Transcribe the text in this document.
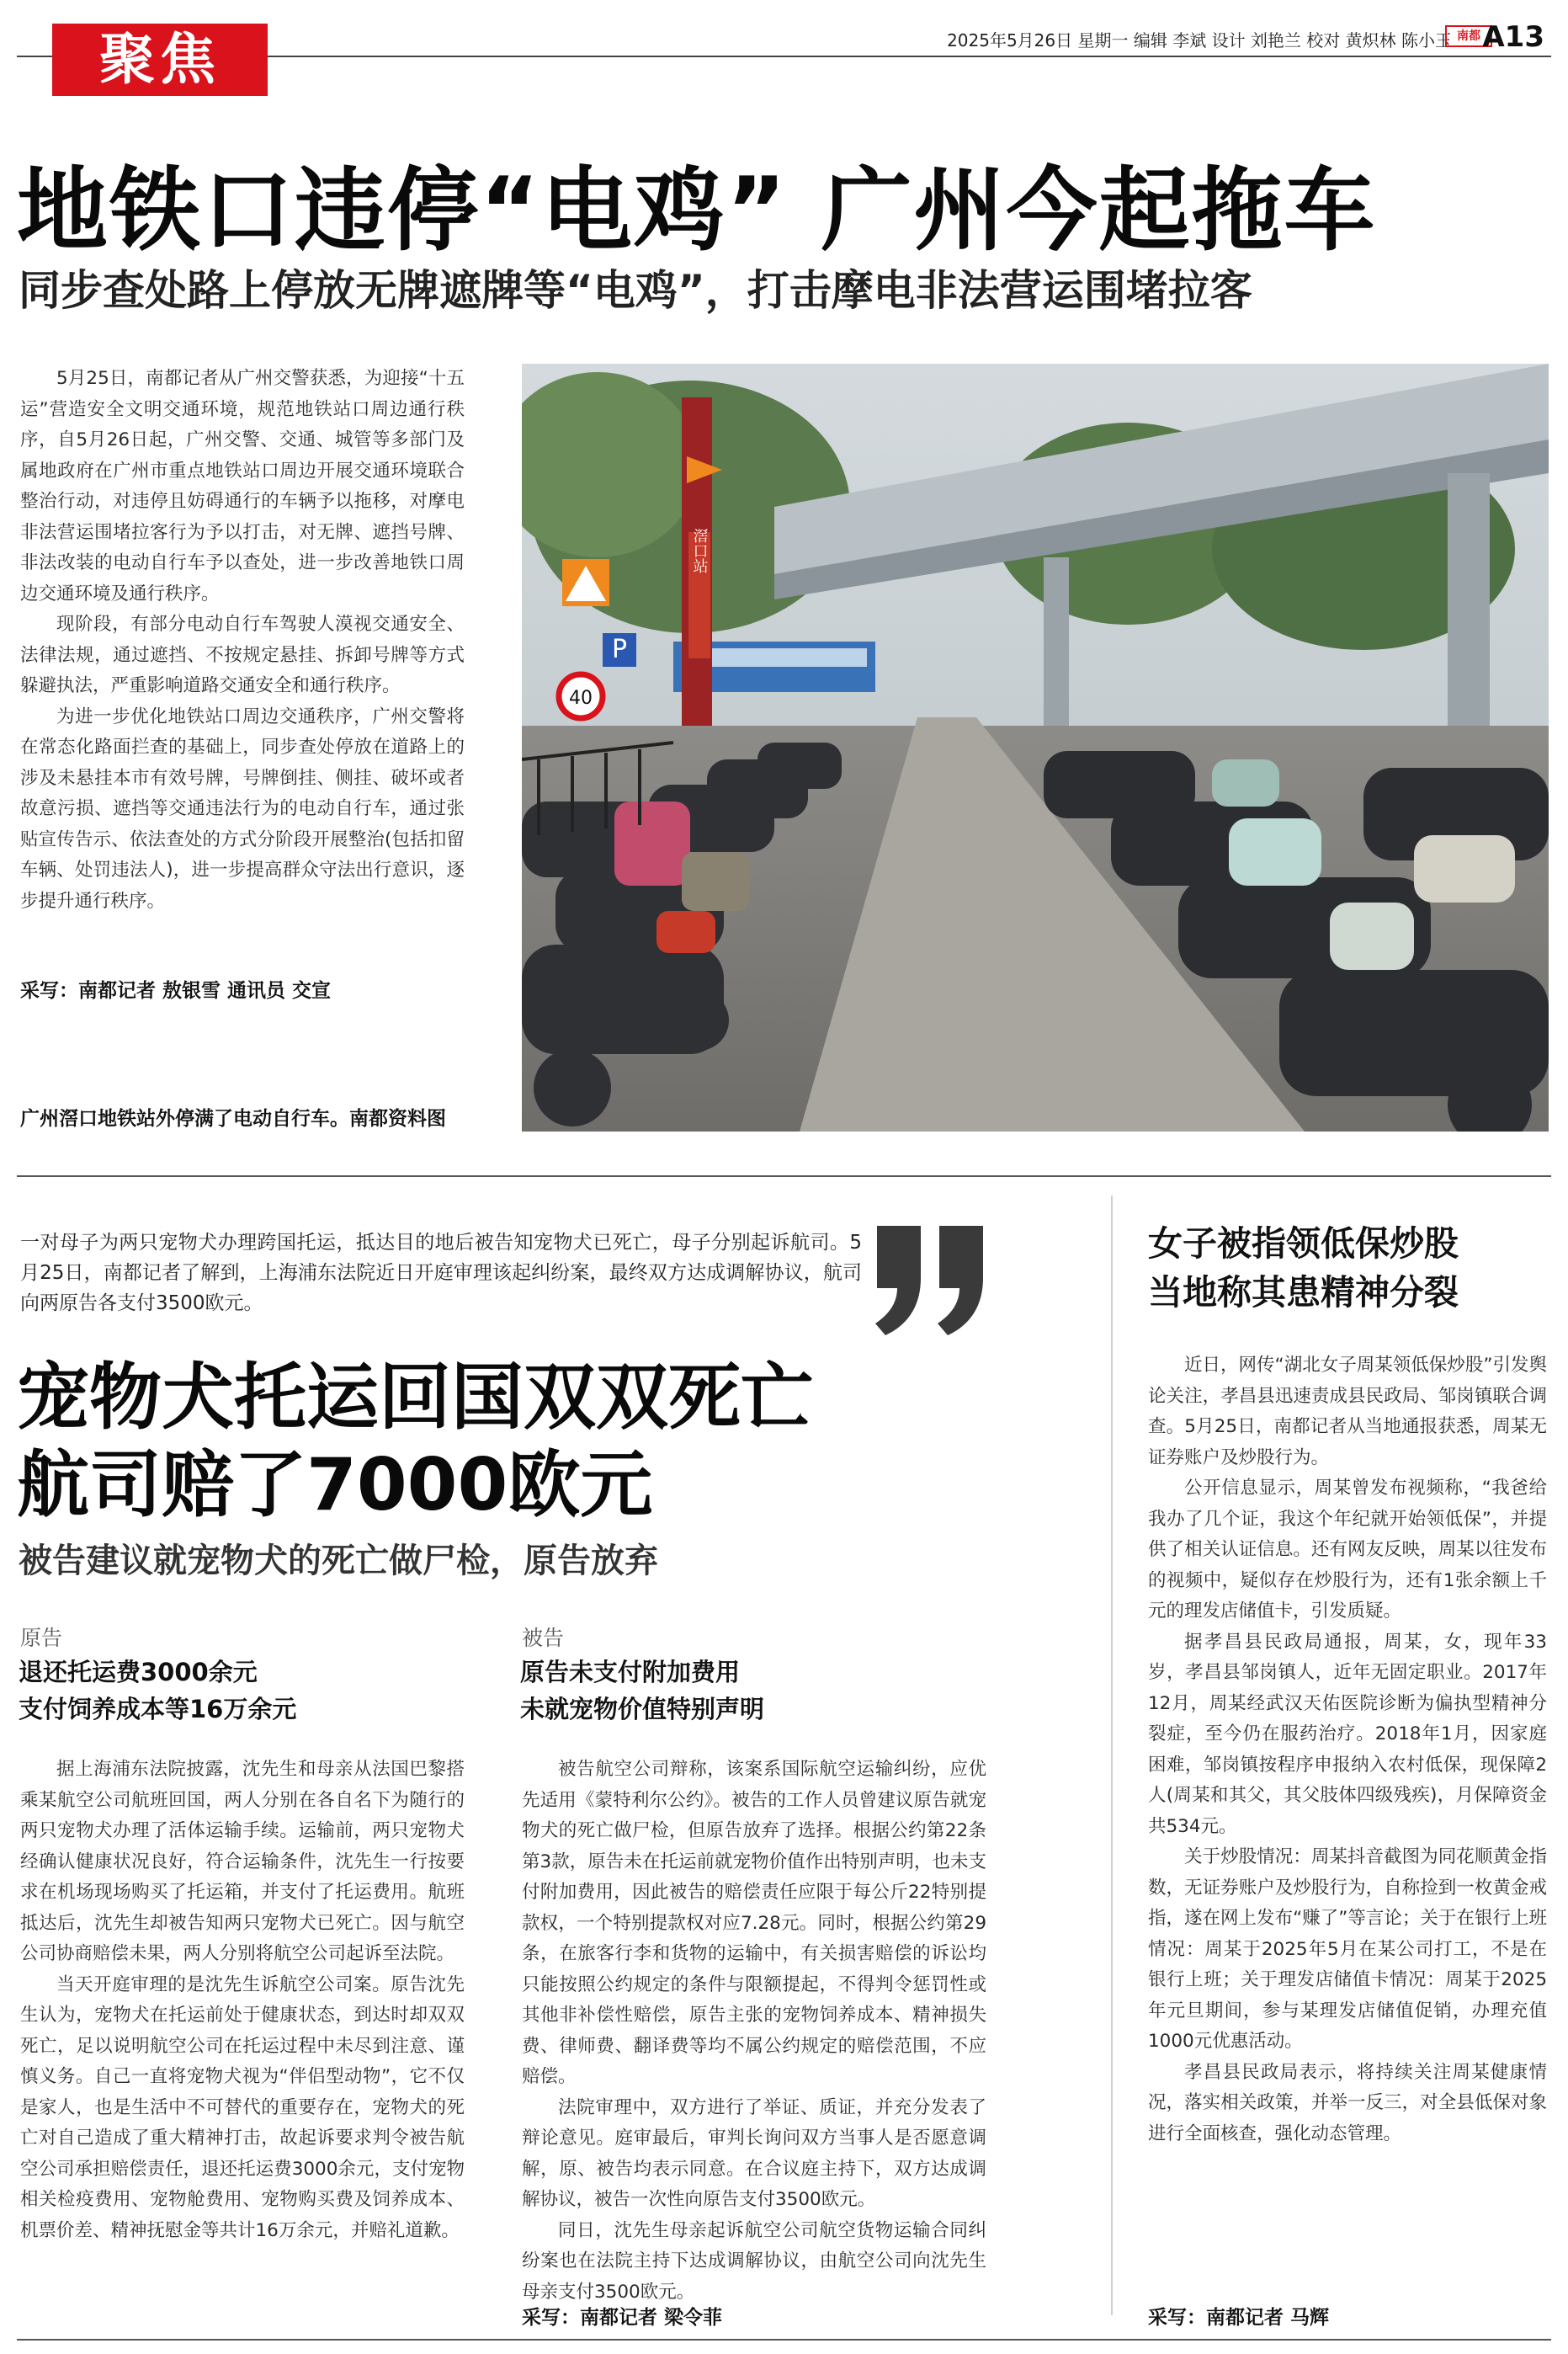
聚焦	2025年5月26日 星期一 编辑 李斌 设计 刘艳兰 校对 黄炽林 陈小玉 南都 A13
地铁口违停“电鸡” 广州今起拖车
同步查处路上停放无牌遮牌等“电鸡”，打击摩电非法营运围堵拉客

5月25日，南都记者从广州交警获悉，为迎接“十五运”营造安全文明交通环境，规范地铁站口周边通行秩序，自5月26日起，广州交警、交通、城管等多部门及属地政府在广州市重点地铁站口周边开展交通环境联合整治行动，对违停且妨碍通行的车辆予以拖移，对摩电非法营运围堵拉客行为予以打击，对无牌、遮挡号牌、非法改装的电动自行车予以查处，进一步改善地铁口周边交通环境及通行秩序。

现阶段，有部分电动自行车驾驶人漠视交通安全、法律法规，通过遮挡、不按规定悬挂、拆卸号牌等方式躲避执法，严重影响道路交通安全和通行秩序。

为进一步优化地铁站口周边交通秩序，广州交警将在常态化路面拦查的基础上，同步查处停放在道路上的涉及未悬挂本市有效号牌，号牌倒挂、侧挂、破坏或者故意污损、遮挡等交通违法行为的电动自行车，通过张贴宣传告示、依法查处的方式分阶段开展整治(包括扣留车辆、处罚违法人)，进一步提高群众守法出行意识，逐步提升通行秩序。

采写：南都记者 敖银雪 通讯员 交宣
广州滘口地铁站外停满了电动自行车。南都资料图
P
40
滘口站
一对母子为两只宠物犬办理跨国托运，抵达目的地后被告知宠物犬已死亡，母子分别起诉航司。5月25日，南都记者了解到，上海浦东法院近日开庭审理该起纠纷案，最终双方达成调解协议，航司向两原告各支付3500欧元。
宠物犬托运回国双双死亡
航司赔了7000欧元
被告建议就宠物犬的死亡做尸检，原告放弃
原告
退还托运费3000余元
支付饲养成本等16万余元
被告
原告未支付附加费用
未就宠物价值特别声明

据上海浦东法院披露，沈先生和母亲从法国巴黎搭乘某航空公司航班回国，两人分别在各自名下为随行的两只宠物犬办理了活体运输手续。运输前，两只宠物犬经确认健康状况良好，符合运输条件，沈先生一行按要求在机场现场购买了托运箱，并支付了托运费用。航班抵达后，沈先生却被告知两只宠物犬已死亡。因与航空公司协商赔偿未果，两人分别将航空公司起诉至法院。

当天开庭审理的是沈先生诉航空公司案。原告沈先生认为，宠物犬在托运前处于健康状态，到达时却双双死亡，足以说明航空公司在托运过程中未尽到注意、谨慎义务。自己一直将宠物犬视为“伴侣型动物”，它不仅是家人，也是生活中不可替代的重要存在，宠物犬的死亡对自己造成了重大精神打击，故起诉要求判令被告航空公司承担赔偿责任，退还托运费3000余元，支付宠物相关检疫费用、宠物舱费用、宠物购买费及饲养成本、机票价差、精神抚慰金等共计16万余元，并赔礼道歉。

被告航空公司辩称，该案系国际航空运输纠纷，应优先适用《蒙特利尔公约》。被告的工作人员曾建议原告就宠物犬的死亡做尸检，但原告放弃了选择。根据公约第22条第3款，原告未在托运前就宠物价值作出特别声明，也未支付附加费用，因此被告的赔偿责任应限于每公斤22特别提款权，一个特别提款权对应7.28元。同时，根据公约第29条，在旅客行李和货物的运输中，有关损害赔偿的诉讼均只能按照公约规定的条件与限额提起，不得判令惩罚性或其他非补偿性赔偿，原告主张的宠物饲养成本、精神损失费、律师费、翻译费等均不属公约规定的赔偿范围，不应赔偿。

法院审理中，双方进行了举证、质证，并充分发表了辩论意见。庭审最后，审判长询问双方当事人是否愿意调解，原、被告均表示同意。在合议庭主持下，双方达成调解协议，被告一次性向原告支付3500欧元。

同日，沈先生母亲起诉航空公司航空货物运输合同纠纷案也在法院主持下达成调解协议，由航空公司向沈先生母亲支付3500欧元。

采写：南都记者 梁令菲
女子被指领低保炒股
当地称其患精神分裂

近日，网传“湖北女子周某领低保炒股”引发舆论关注，孝昌县迅速责成县民政局、邹岗镇联合调查。5月25日，南都记者从当地通报获悉，周某无证券账户及炒股行为。

公开信息显示，周某曾发布视频称，“我爸给我办了几个证，我这个年纪就开始领低保”，并提供了相关认证信息。还有网友反映，周某以往发布的视频中，疑似存在炒股行为，还有1张余额上千元的理发店储值卡，引发质疑。

据孝昌县民政局通报，周某，女，现年33岁，孝昌县邹岗镇人，近年无固定职业。2017年12月，周某经武汉天佑医院诊断为偏执型精神分裂症，至今仍在服药治疗。2018年1月，因家庭困难，邹岗镇按程序申报纳入农村低保，现保障2人(周某和其父，其父肢体四级残疾)，月保障资金共534元。

关于炒股情况：周某抖音截图为同花顺黄金指数，无证券账户及炒股行为，自称捡到一枚黄金戒指，遂在网上发布“赚了”等言论；关于在银行上班情况：周某于2025年5月在某公司打工，不是在银行上班；关于理发店储值卡情况：周某于2025年元旦期间，参与某理发店储值促销，办理充值1000元优惠活动。

孝昌县民政局表示，将持续关注周某健康情况，落实相关政策，并举一反三，对全县低保对象进行全面核查，强化动态管理。

采写：南都记者 马辉
